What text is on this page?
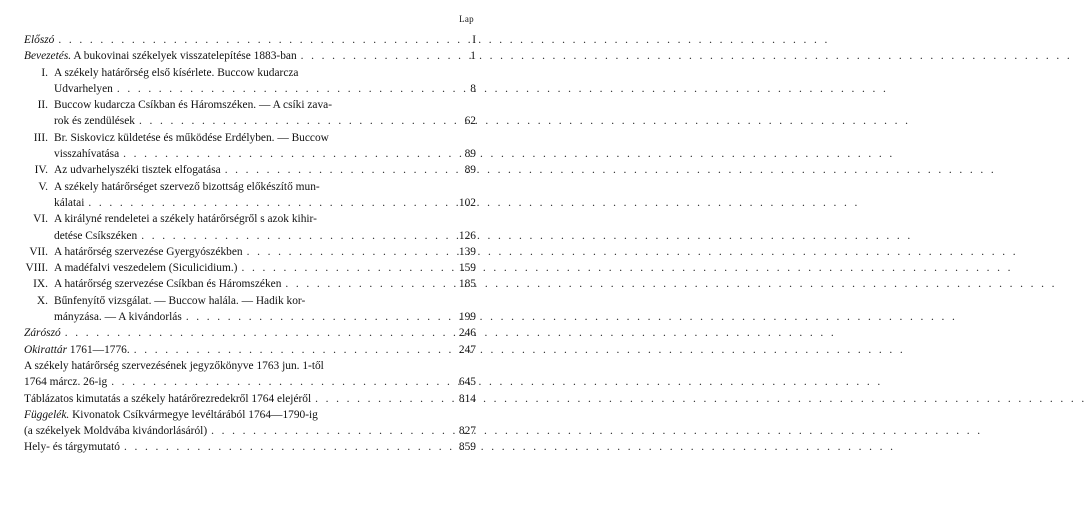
Lap
Előszó . . .	I
Bevezetés. A bukovinai székelyek visszatelepítése 1883-ban . . .	1
I. A székely határőrség első kísérlete. Buccow kudarcza
Udvarhelyen . . .	8
II. Buccow kudarcza Csíkban és Háromszéken. — A csíki zava-
rok és zendülések . . .	62
III. Br. Siskovicz küldetése és működése Erdélyben. — Buccow
visszahívatása . . .	89
IV. Az udvarhelyszéki tisztek elfogatása . . .	89
V. A székely határőrséget szervező bizottság előkészítő mun-
kálatai . . .	102
VI. A királyné rendeletei a székely határőrségről s azok kihir-
detése Csíkszéken . . .	126
VII. A határőrség szervezése Gyergyószékben . . .	139
VIII. A madéfalvi veszedelem (Siculicidium.) . . .	159
IX. A határőrség szervezése Csíkban és Háromszéken . . .	185
X. Bűnfenyítő vizsgálat. — Buccow halála. — Hadik kor-
mányzása. — A kivándorlás . . .	199
Zárószó . . .	246
Okirattár 1761—1776. . . .	247
A székely határőrség szervezésének jegyzőkönyve 1763 jun. 1-től
1764 márcz. 26-ig . . .	645
Táblázatos kimutatás a székely határőrezredekről 1764 elejéről . . .	814
Függelék. Kivonatok Csíkvármegye levéltárából 1764—1790-ig
(a székelyek Moldvába kivándorlásáról) . . .	827
Hely- és tárgymutató . . .	859
